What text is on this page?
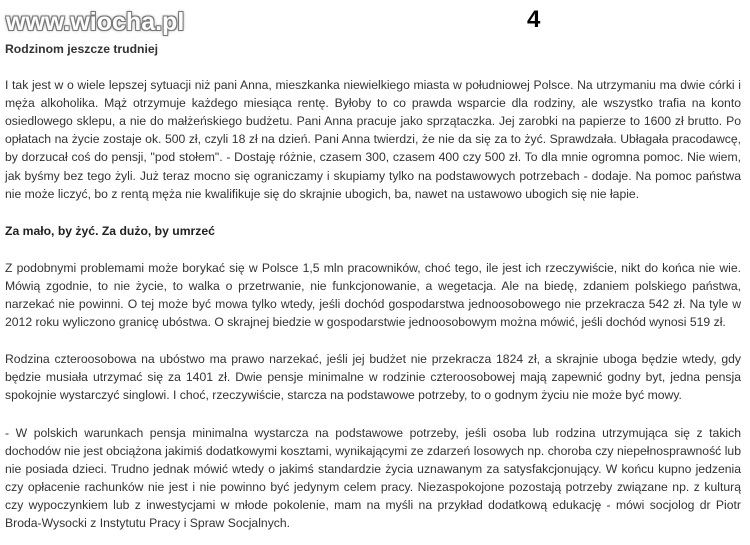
www.wiocha.pl	4
Rodzinom jeszcze trudniej

I tak jest w o wiele lepszej sytuacji niż pani Anna, mieszkanka niewielkiego miasta w południowej Polsce. Na utrzymaniu ma dwie córki i męża alkoholika. Mąż otrzymuje każdego miesiąca rentę. Byłoby to co prawda wsparcie dla rodziny, ale wszystko trafia na konto osiedlowego sklepu, a nie do małżeńskiego budżetu. Pani Anna pracuje jako sprzątaczka. Jej zarobki na papierze to 1600 zł brutto. Po opłatach na życie zostaje ok. 500 zł, czyli 18 zł na dzień. Pani Anna twierdzi, że nie da się za to żyć. Sprawdzała. Ubłagała pracodawcę, by dorzucał coś do pensji, "pod stołem". - Dostaję różnie, czasem 300, czasem 400 czy 500 zł. To dla mnie ogromna pomoc. Nie wiem, jak byśmy bez tego żyli. Już teraz mocno się ograniczamy i skupiamy tylko na podstawowych potrzebach - dodaje. Na pomoc państwa nie może liczyć, bo z rentą męża nie kwalifikuje się do skrajnie ubogich, ba, nawet na ustawowo ubogich się nie łapie.

Za mało, by żyć. Za dużo, by umrzeć

Z podobnymi problemami może borykać się w Polsce 1,5 mln pracowników, choć tego, ile jest ich rzeczywiście, nikt do końca nie wie. Mówią zgodnie, to nie życie, to walka o przetrwanie, nie funkcjonowanie, a wegetacja. Ale na biedę, zdaniem polskiego państwa, narzekać nie powinni. O tej może być mowa tylko wtedy, jeśli dochód gospodarstwa jednoosobowego nie przekracza 542 zł. Na tyle w 2012 roku wyliczono granicę ubóstwa. O skrajnej biedzie w gospodarstwie jednoosobowym można mówić, jeśli dochód wynosi 519 zł.

Rodzina czteroosobowa na ubóstwo ma prawo narzekać, jeśli jej budżet nie przekracza 1824 zł, a skrajnie uboga będzie wtedy, gdy będzie musiała utrzymać się za 1401 zł. Dwie pensje minimalne w rodzinie czteroosobowej mają zapewnić godny byt, jedna pensja spokojnie wystarczyć singlowi. I choć, rzeczywiście, starcza na podstawowe potrzeby, to o godnym życiu nie może być mowy.

- W polskich warunkach pensja minimalna wystarcza na podstawowe potrzeby, jeśli osoba lub rodzina utrzymująca się z takich dochodów nie jest obciążona jakimiś dodatkowymi kosztami, wynikającymi ze zdarzeń losowych np. choroba czy niepełnosprawność lub nie posiada dzieci. Trudno jednak mówić wtedy o jakimś standardzie życia uznawanym za satysfakcjonujący. W końcu kupno jedzenia czy opłacenie rachunków nie jest i nie powinno być jedynym celem pracy. Niezaspokojone pozostają potrzeby związane np. z kulturą czy wypoczynkiem lub z inwestycjami w młode pokolenie, mam na myśli na przykład dodatkową edukację - mówi socjolog dr Piotr Broda-Wysocki z Instytutu Pracy i Spraw Socjalnych.
